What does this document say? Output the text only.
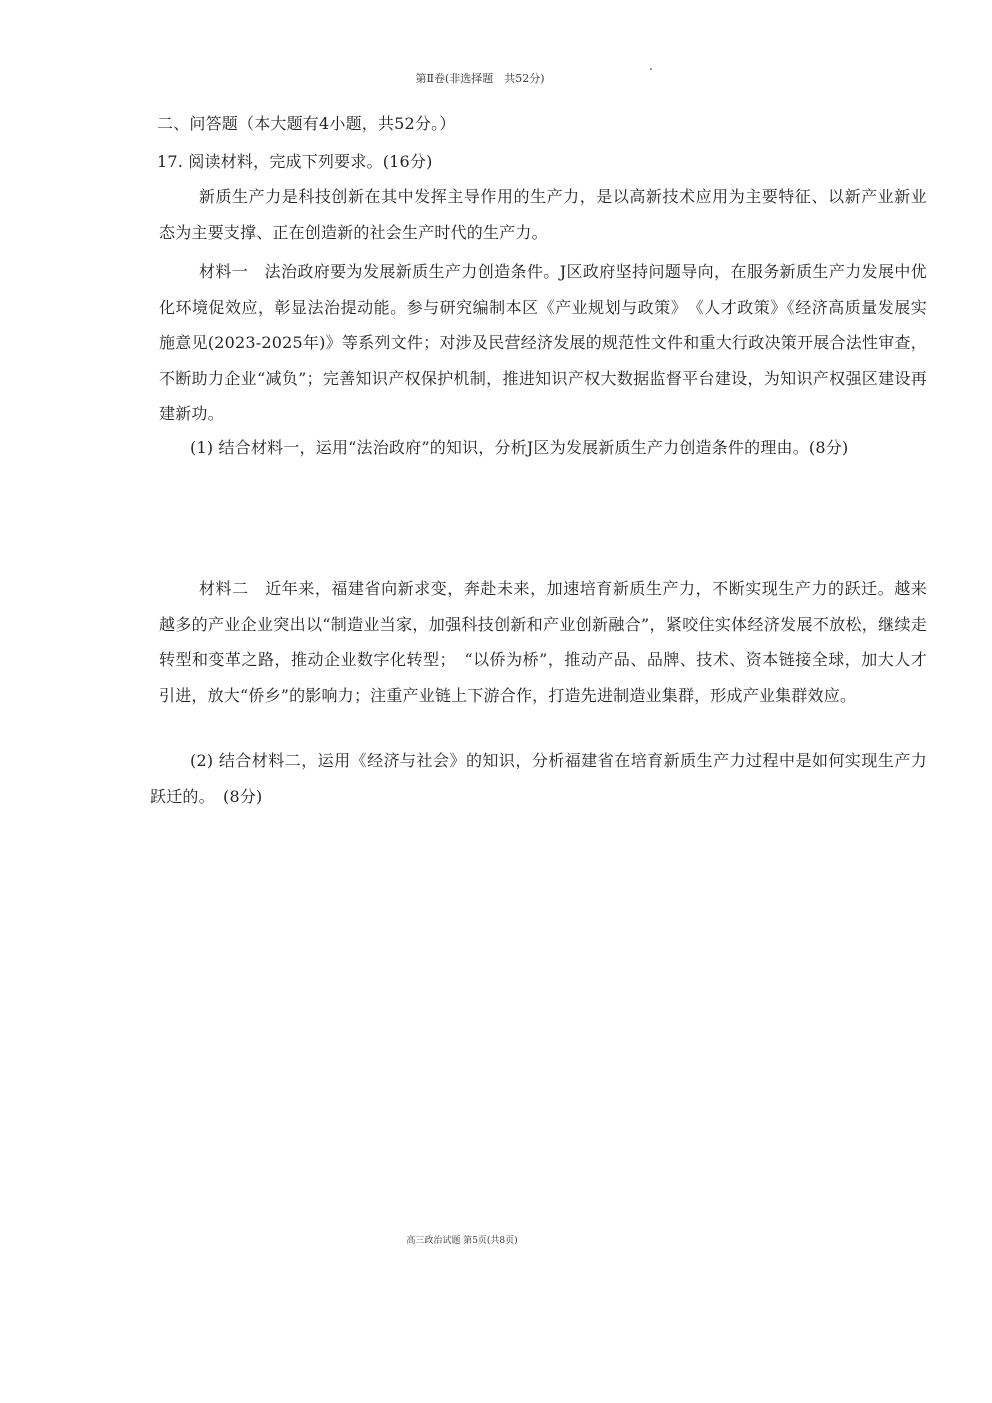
第Ⅱ卷(非选择题　共52分)

二、问答题（本大题有4小题，共52分。）

17. 阅读材料，完成下列要求。(16分)

新质生产力是科技创新在其中发挥主导作用的生产力，是以高新技术应用为主要特征、以新产业新业态为主要支撑、正在创造新的社会生产时代的生产力。

材料一　法治政府要为发展新质生产力创造条件。J区政府坚持问题导向，在服务新质生产力发展中优化环境促效应，彰显法治提动能。参与研究编制本区《产业规划与政策》　《人才政策》《经济高质量发展实施意见(2023-2025年)》等系列文件；对涉及民营经济发展的规范性文件和重大行政决策开展合法性审查，不断助力企业“减负”；完善知识产权保护机制，推进知识产权大数据监督平台建设，为知识产权强区建设再建新功。

(1) 结合材料一，运用“法治政府”的知识，分析J区为发展新质生产力创造条件的理由。(8分)

材料二　近年来，福建省向新求变，奔赴未来，加速培育新质生产力，不断实现生产力的跃迁。越来越多的产业企业突出以“制造业当家，加强科技创新和产业创新融合”，紧咬住实体经济发展不放松，继续走转型和变革之路，推动企业数字化转型；　“以侨为桥”，推动产品、品牌、技术、资本链接全球，加大人才引进，放大“侨乡”的影响力；注重产业链上下游合作，打造先进制造业集群，形成产业集群效应。

(2) 结合材料二，运用《经济与社会》的知识，分析福建省在培育新质生产力过程中是如何实现生产力跃迁的。　(8分)

高三政治试题 第5页(共8页)
